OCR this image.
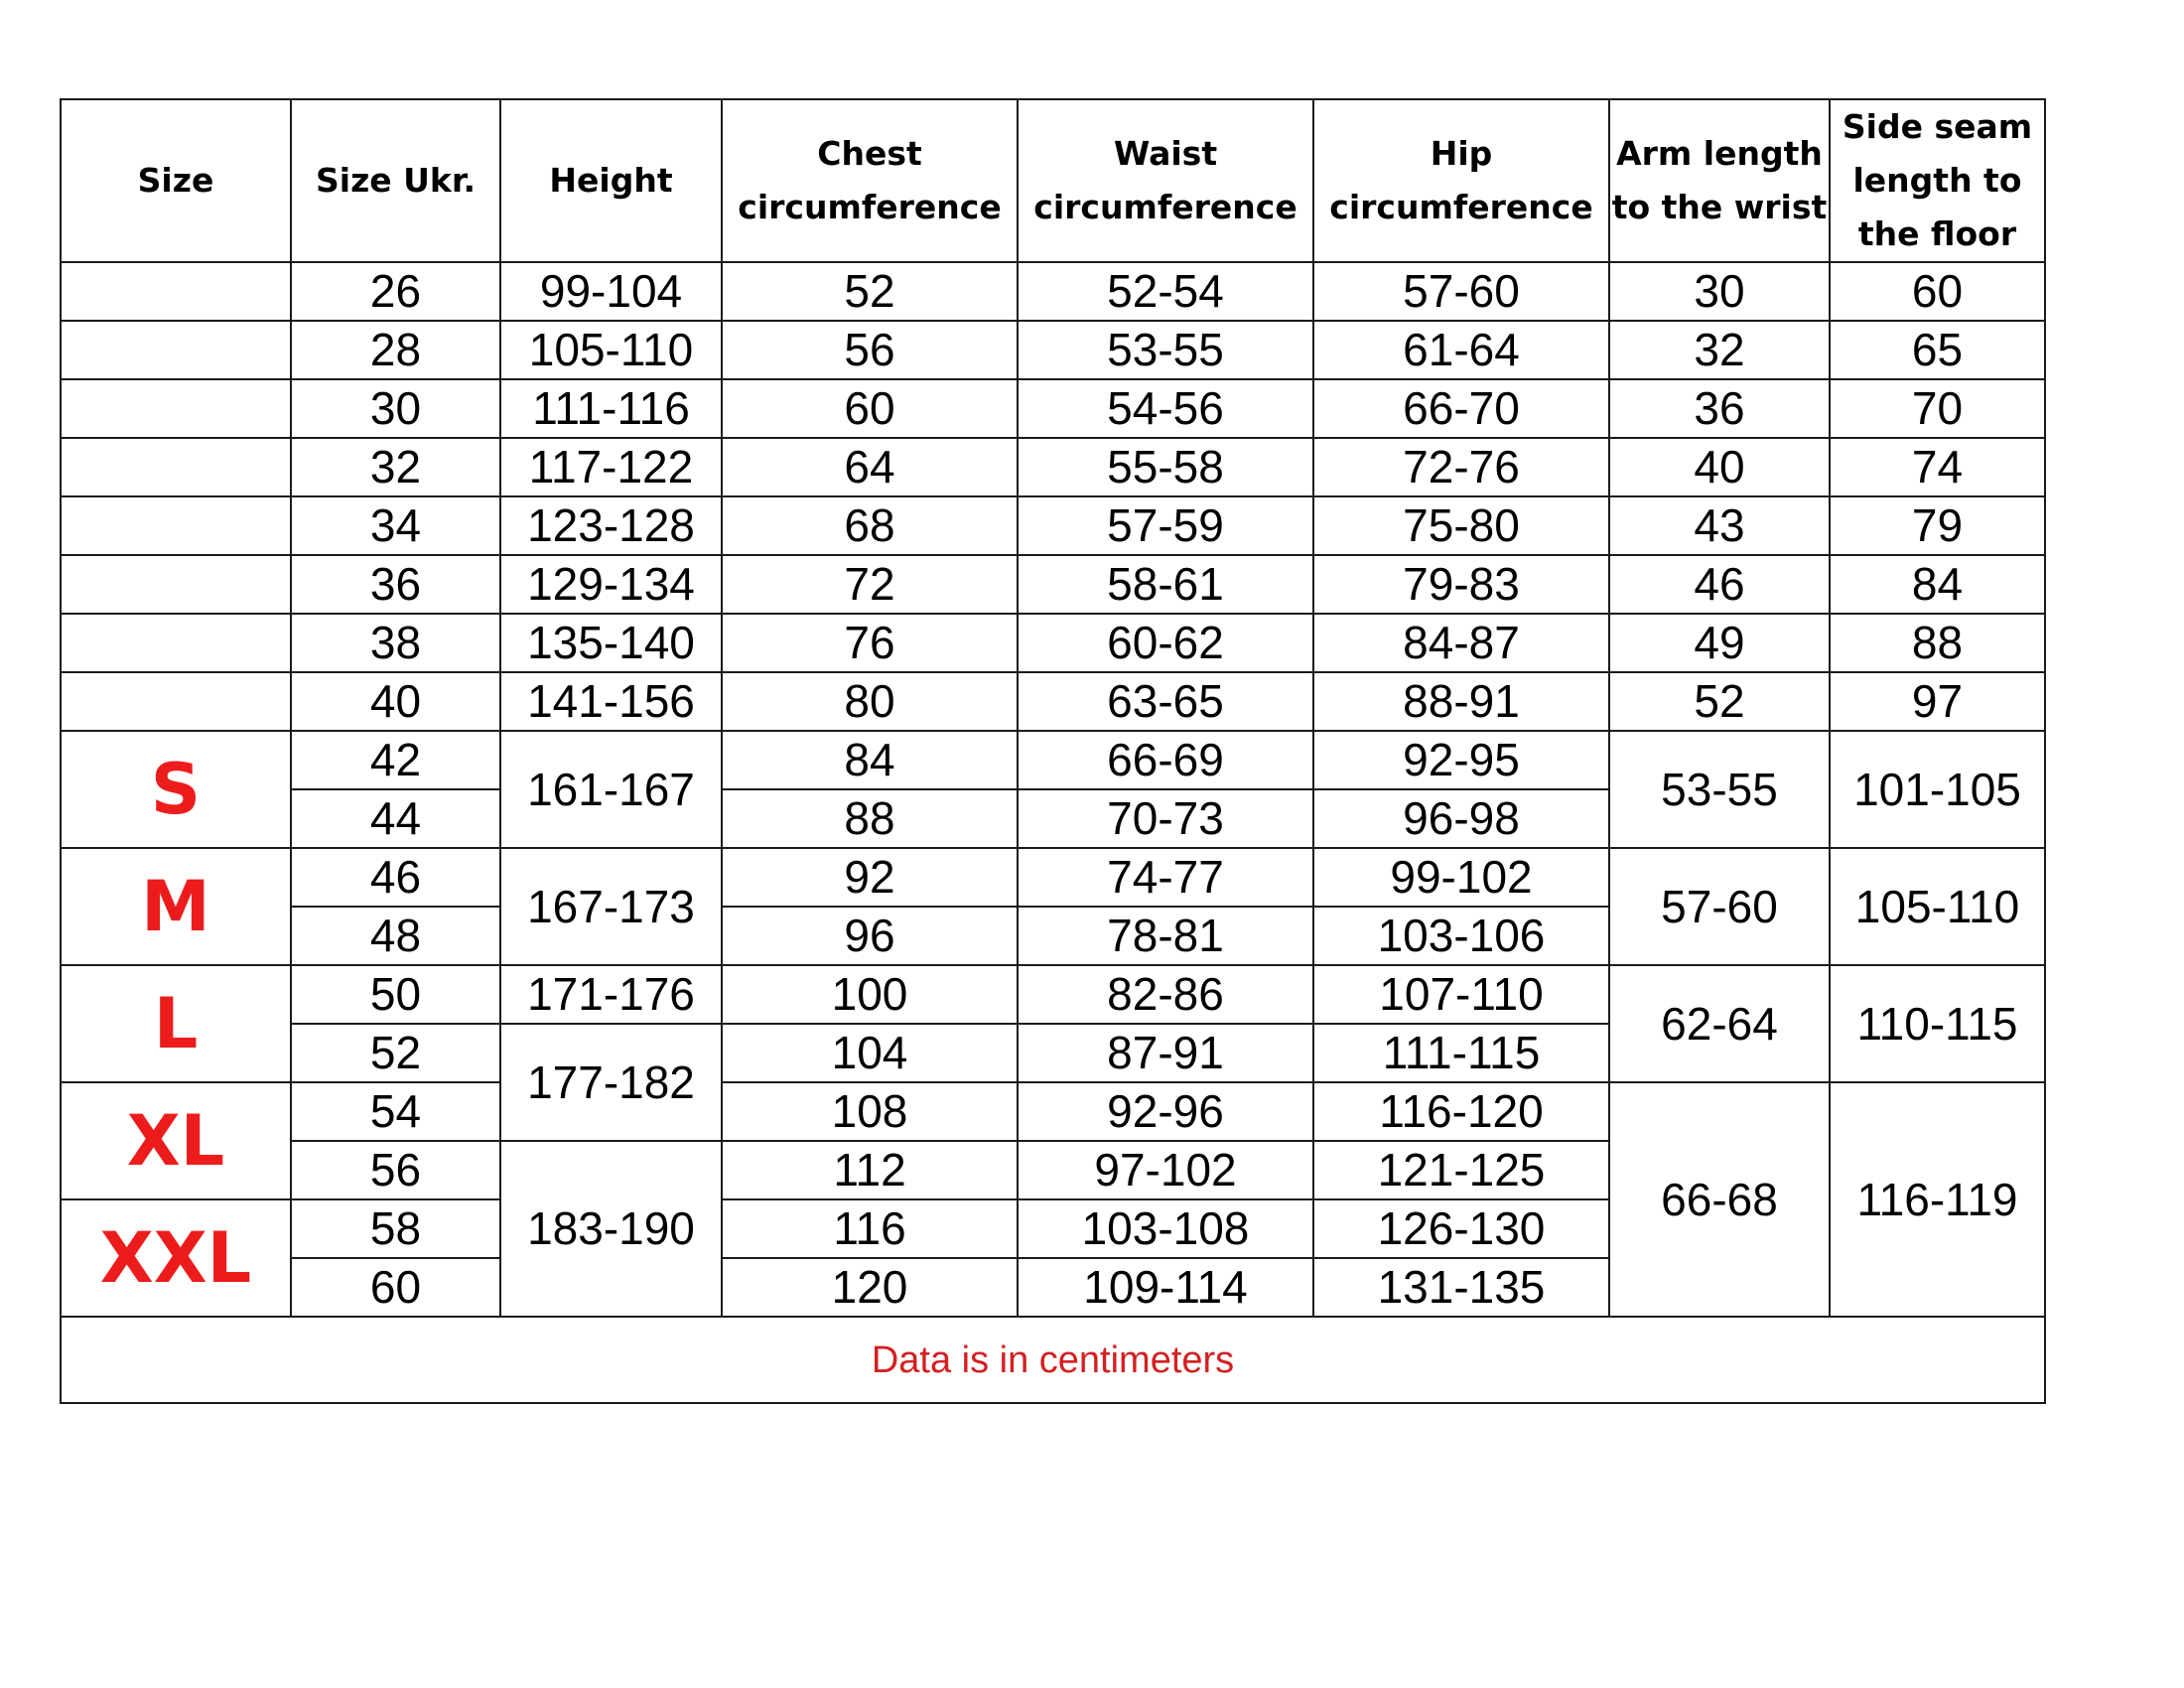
Size	Size Ukr.	Height	Chest circumference	Waist circumference	Hip circumference	Arm length to the wrist	Side seam length to the floor
	26	99-104	52	52-54	57-60	30	60
	28	105-110	56	53-55	61-64	32	65
	30	111-116	60	54-56	66-70	36	70
	32	117-122	64	55-58	72-76	40	74
	34	123-128	68	57-59	75-80	43	79
	36	129-134	72	58-61	79-83	46	84
	38	135-140	76	60-62	84-87	49	88
	40	141-156	80	63-65	88-91	52	97
S	42	161-167	84	66-69	92-95	53-55	101-105
	44		88	70-73	96-98		
M	46	167-173	92	74-77	99-102	57-60	105-110
	48		96	78-81	103-106		
L	50	171-176	100	82-86	107-110	62-64	110-115
	52	177-182	104	87-91	111-115		
XL	54		108	92-96	116-120	66-68	116-119
	56	183-190	112	97-102	121-125		
XXL	58		116	103-108	126-130		
	60		120	109-114	131-135		
Data is in centimeters							
